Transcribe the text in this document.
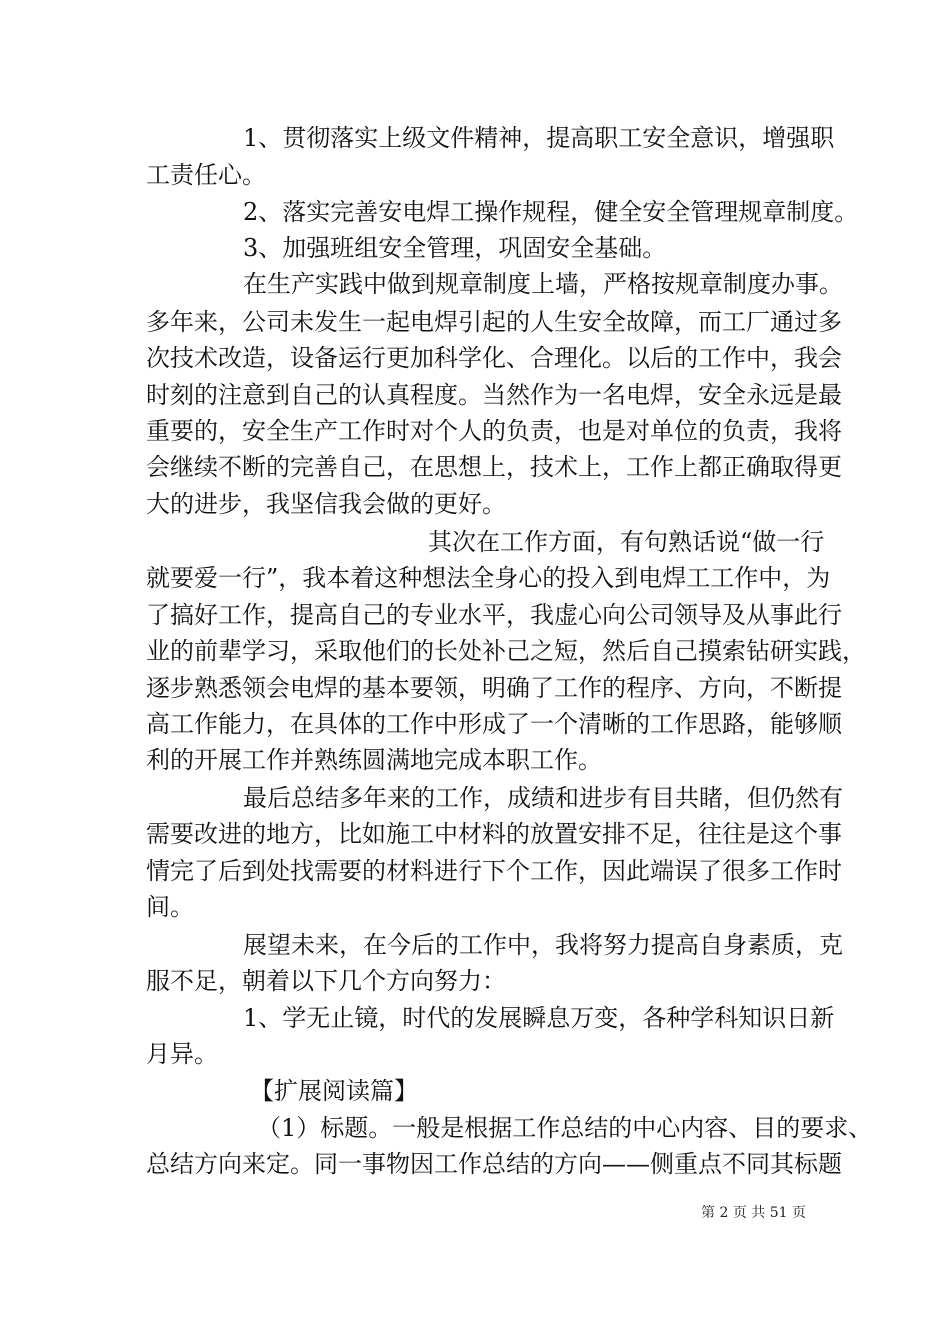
1、贯彻落实上级文件精神，提高职工安全意识，增强职
工责任心。
2、落实完善安电焊工操作规程，健全安全管理规章制度。
3、加强班组安全管理，巩固安全基础。
在生产实践中做到规章制度上墙，严格按规章制度办事。
多年来，公司未发生一起电焊引起的人生安全故障，而工厂通过多
次技术改造，设备运行更加科学化、合理化。以后的工作中，我会
时刻的注意到自己的认真程度。当然作为一名电焊，安全永远是最
重要的，安全生产工作时对个人的负责，也是对单位的负责，我将
会继续不断的完善自己，在思想上，技术上，工作上都正确取得更
大的进步，我坚信我会做的更好。
其次在工作方面，有句熟话说“做一行
就要爱一行”，我本着这种想法全身心的投入到电焊工工作中，为
了搞好工作，提高自己的专业水平，我虚心向公司领导及从事此行
业的前辈学习，采取他们的长处补己之短，然后自己摸索钻研实践，
逐步熟悉领会电焊的基本要领，明确了工作的程序、方向，不断提
高工作能力，在具体的工作中形成了一个清晰的工作思路，能够顺
利的开展工作并熟练圆满地完成本职工作。
最后总结多年来的工作，成绩和进步有目共睹，但仍然有
需要改进的地方，比如施工中材料的放置安排不足，往往是这个事
情完了后到处找需要的材料进行下个工作，因此端误了很多工作时
间。
展望未来，在今后的工作中，我将努力提高自身素质，克
服不足，朝着以下几个方向努力：
1、学无止镜，时代的发展瞬息万变，各种学科知识日新
月异。
【扩展阅读篇】
（1）标题。一般是根据工作总结的中心内容、目的要求、
总结方向来定。同一事物因工作总结的方向——侧重点不同其标题
第 2 页 共 51 页
